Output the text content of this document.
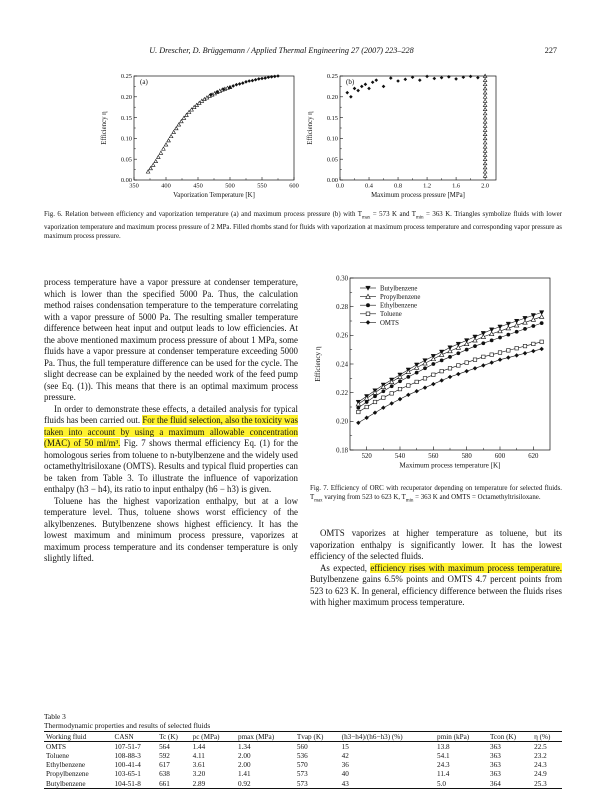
U. Drescher, D. Brüggemann / Applied Thermal Engineering 27 (2007) 223–228	227
350	400	450	500	550	600
0.00
0.05
0.10
0.15
0.20
0.25
Vaporization Temperature [K]
Efficiency η
(a)
0.0	0.4	0.8	1.2	1.6	2.0
0.00
0.05
0.10
0.15
0.20
0.25
Maximum process pressure [MPa]
Efficiency η
(b)
Fig. 6. Relation between efficiency and vaporization temperature (a) and maximum process pressure (b) with $T_{max} = 573$ K and $T_{min} = 363$ K. Triangles symbolize fluids with lower vaporization temperature and maximum process pressure of 2 MPa. Filled rhombs stand for fluids with vaporization at maximum process temperature and corresponding vapor pressure as maximum process pressure.

process temperature have a vapor pressure at condenser temperature, which is lower than the specified 5000 Pa. Thus, the calculation method raises condensation temperature to the temperature correlating with a vapor pressure of 5000 Pa. The resulting smaller temperature difference between heat input and output leads to low efficiencies. At the above mentioned maximum process pressure of about 1 MPa, some fluids have a vapor pressure at condenser temperature exceeding 5000 Pa. Thus, the full temperature difference can be used for the cycle. The slight decrease can be explained by the needed work of the feed pump (see Eq. (1)). This means that there is an optimal maximum process pressure.

In order to demonstrate these effects, a detailed analysis for typical fluids has been carried out. For the fluid selection, also the toxicity was taken into account by using a maximum allowable concentration (MAC) of 50 ml/m³. Fig. 7 shows thermal efficiency Eq. (1) for the homologous series from toluene to n-butylbenzene and the widely used octamethyltrisiloxane (OMTS). Results and typical fluid properties can be taken from Table 3. To illustrate the influence of vaporization enthalpy (h3 − h4), its ratio to input enthalpy (h6 − h3) is given.

Toluene has the highest vaporization enthalpy, but at a low temperature level. Thus, toluene shows worst efficiency of the alkylbenzenes. Butylbenzene shows highest efficiency. It has the lowest maximum and minimum process pressure, vaporizes at maximum process temperature and its condenser temperature is only slightly lifted.

520	540	560	580	600	620
0.18
0.20
0.22
0.24
0.26
0.28
0.30
Maximum process temperature [K]
Efficiency η
Butylbenzene
Propylbenzene
Ethylbenzene
Toluene
OMTS
Fig. 7. Efficiency of ORC with recuperator depending on temperature for selected fluids. $T_{max}$ varying from 523 to 623 K, $T_{min} = 363$ K and OMTS = Octamethyltrisiloxane.

OMTS vaporizes at higher temperature as toluene, but its vaporization enthalpy is significantly lower. It has the lowest efficiency of the selected fluids.

As expected, efficiency rises with maximum process temperature. Butylbenzene gains 6.5% points and OMTS 4.7 percent points from 523 to 623 K. In general, efficiency difference between the fluids rises with higher maximum process temperature.

Table 3
Thermodynamic properties and results of selected fluids
Working fluid	CASN	Tc (K)	pc (MPa)	pmax (MPa)	Tvap (K)	(h3−h4)/(h6−h3) (%)	pmin (kPa)	Tcon (K)	η (%)
OMTS	107-51-7	564	1.44	1.34	560	15	13.8	363	22.5
Toluene	108-88-3	592	4.11	2.00	536	42	54.1	363	23.2
Ethylbenzene	100-41-4	617	3.61	2.00	570	36	24.3	363	24.3
Propylbenzene	103-65-1	638	3.20	1.41	573	40	11.4	363	24.9
Butylbenzene	104-51-8	661	2.89	0.92	573	43	5.0	364	25.3
